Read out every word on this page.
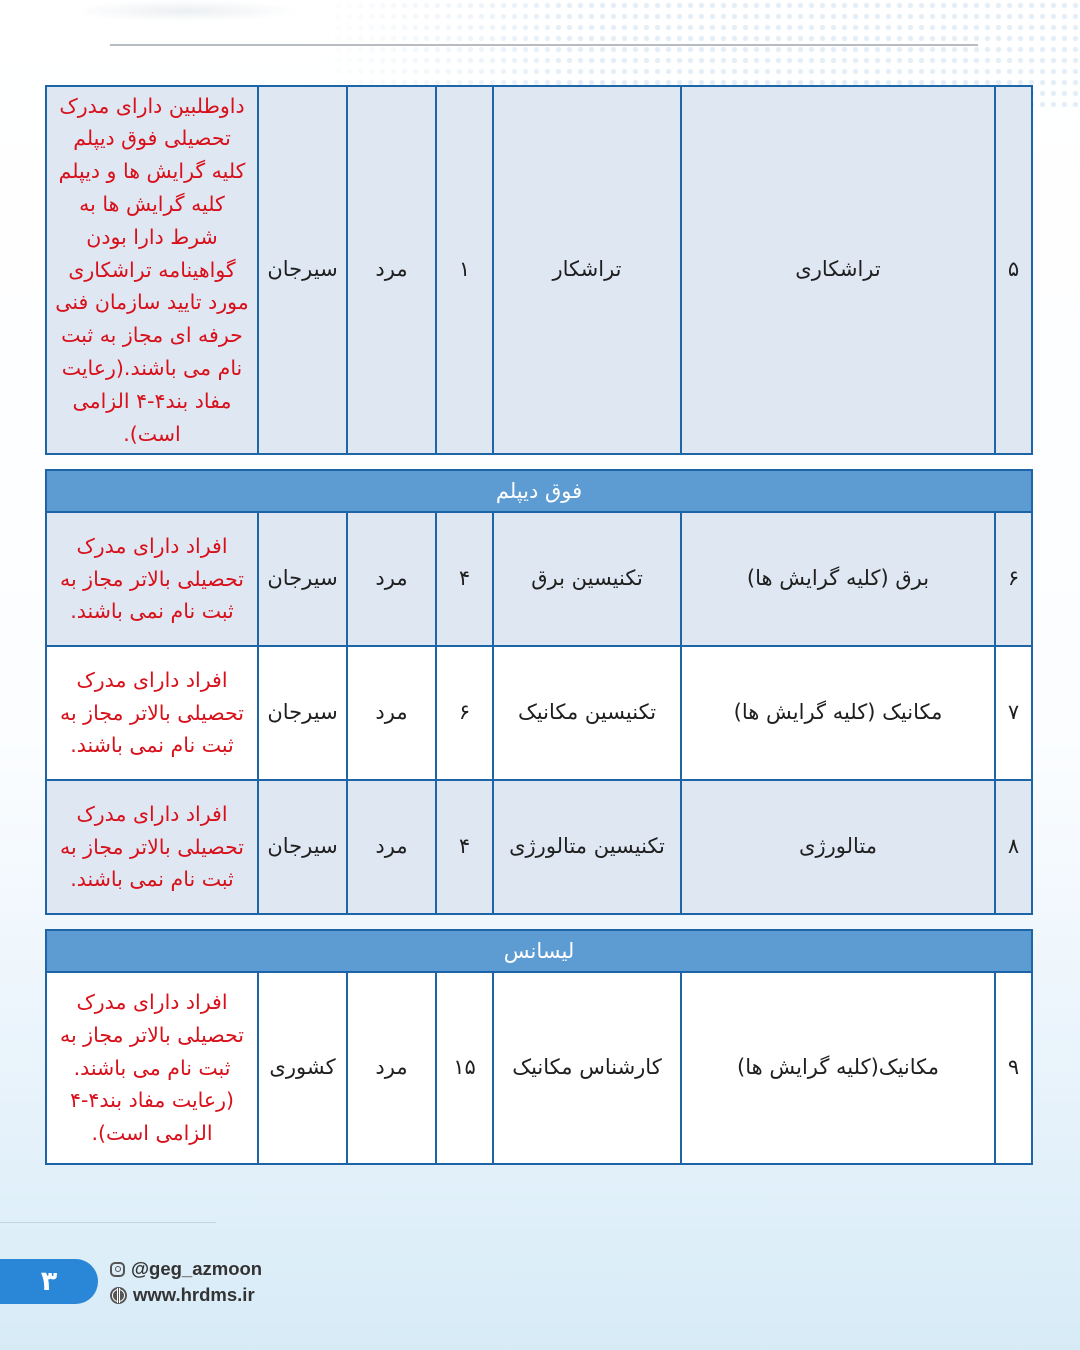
۵
تراشکاری
تراشکار
۱
مرد
سیرجان
داوطلبین دارای مدرک تحصیلی فوق دیپلم کلیه گرایش ها و دیپلم کلیه گرایش ها به شرط دارا بودن گواهینامه تراشکاری مورد تایید سازمان فنی حرفه ای مجاز به ثبت نام می باشند.(رعایت مفاد بند۴-۴ الزامی است).
فوق دیپلم
۶
برق (کلیه گرایش ها)
تکنیسین برق
۴
مرد
سیرجان
افراد دارای مدرک تحصیلی بالاتر مجاز به ثبت نام نمی باشند.
۷
مکانیک (کلیه گرایش ها)
تکنیسین مکانیک
۶
مرد
سیرجان
افراد دارای مدرک تحصیلی بالاتر مجاز به ثبت نام نمی باشند.
۸
متالورژی
تکنیسین متالورژی
۴
مرد
سیرجان
افراد دارای مدرک تحصیلی بالاتر مجاز به ثبت نام نمی باشند.
لیسانس
۹
مکانیک(کلیه گرایش ها)
کارشناس مکانیک
۱۵
مرد
کشوری
افراد دارای مدرک تحصیلی بالاتر مجاز به ثبت نام می باشند.(رعایت مفاد بند۴-۴ الزامی است).
۳	@geg_azmoon
www.hrdms.ir
